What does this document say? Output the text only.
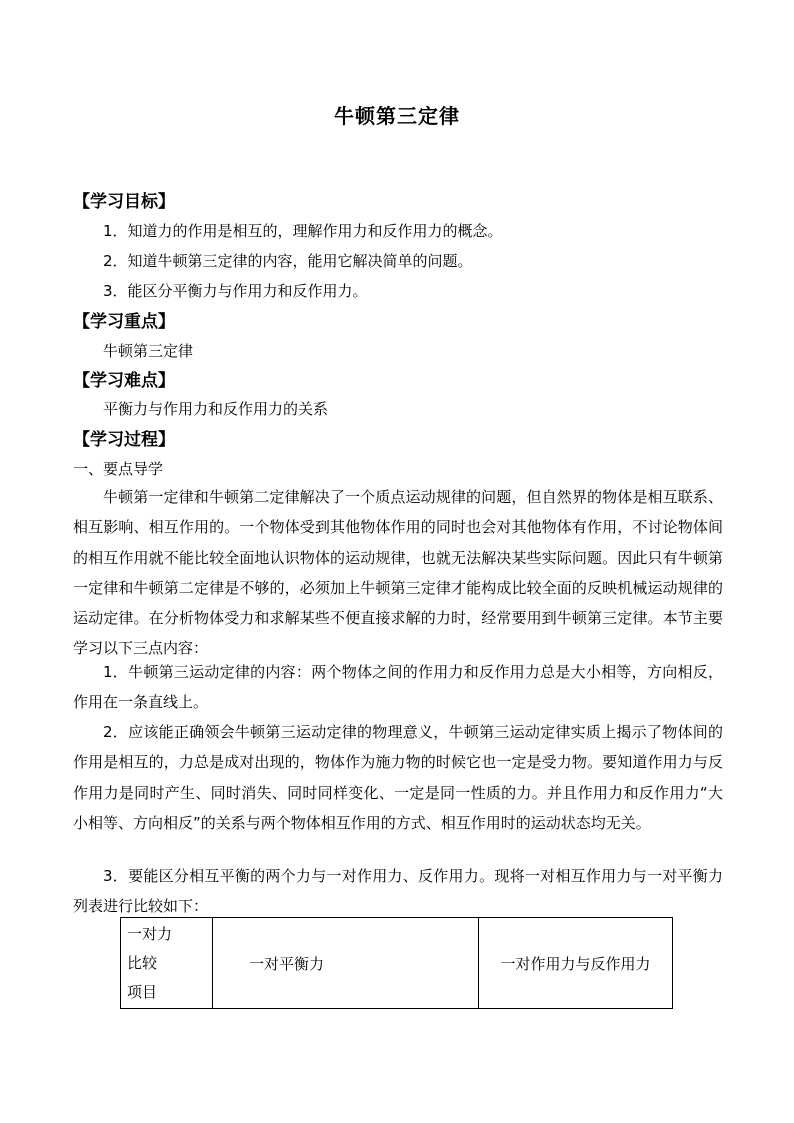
牛顿第三定律
【学习目标】
1．知道力的作用是相互的，理解作用力和反作用力的概念。
2．知道牛顿第三定律的内容，能用它解决简单的问题。
3．能区分平衡力与作用力和反作用力。
【学习重点】
牛顿第三定律
【学习难点】
平衡力与作用力和反作用力的关系
【学习过程】
一、要点导学
牛顿第一定律和牛顿第二定律解决了一个质点运动规律的问题，但自然界的物体是相互联系、相互影响、相互作用的。一个物体受到其他物体作用的同时也会对其他物体有作用，不讨论物体间的相互作用就不能比较全面地认识物体的运动规律，也就无法解决某些实际问题。因此只有牛顿第一定律和牛顿第二定律是不够的，必须加上牛顿第三定律才能构成比较全面的反映机械运动规律的运动定律。在分析物体受力和求解某些不便直接求解的力时，经常要用到牛顿第三定律。本节主要学习以下三点内容：
1．牛顿第三运动定律的内容：两个物体之间的作用力和反作用力总是大小相等，方向相反，作用在一条直线上。
2．应该能正确领会牛顿第三运动定律的物理意义，牛顿第三运动定律实质上揭示了物体间的作用是相互的，力总是成对出现的，物体作为施力物的时候它也一定是受力物。要知道作用力与反作用力是同时产生、同时消失、同时同样变化、一定是同一性质的力。并且作用力和反作用力“大小相等、方向相反”的关系与两个物体相互作用的方式、相互作用时的运动状态均无关。
3．要能区分相互平衡的两个力与一对作用力、反作用力。现将一对相互作用力与一对平衡力列表进行比较如下：
一对力
比较
项目
	一对平衡力	一对作用力与反作用力
